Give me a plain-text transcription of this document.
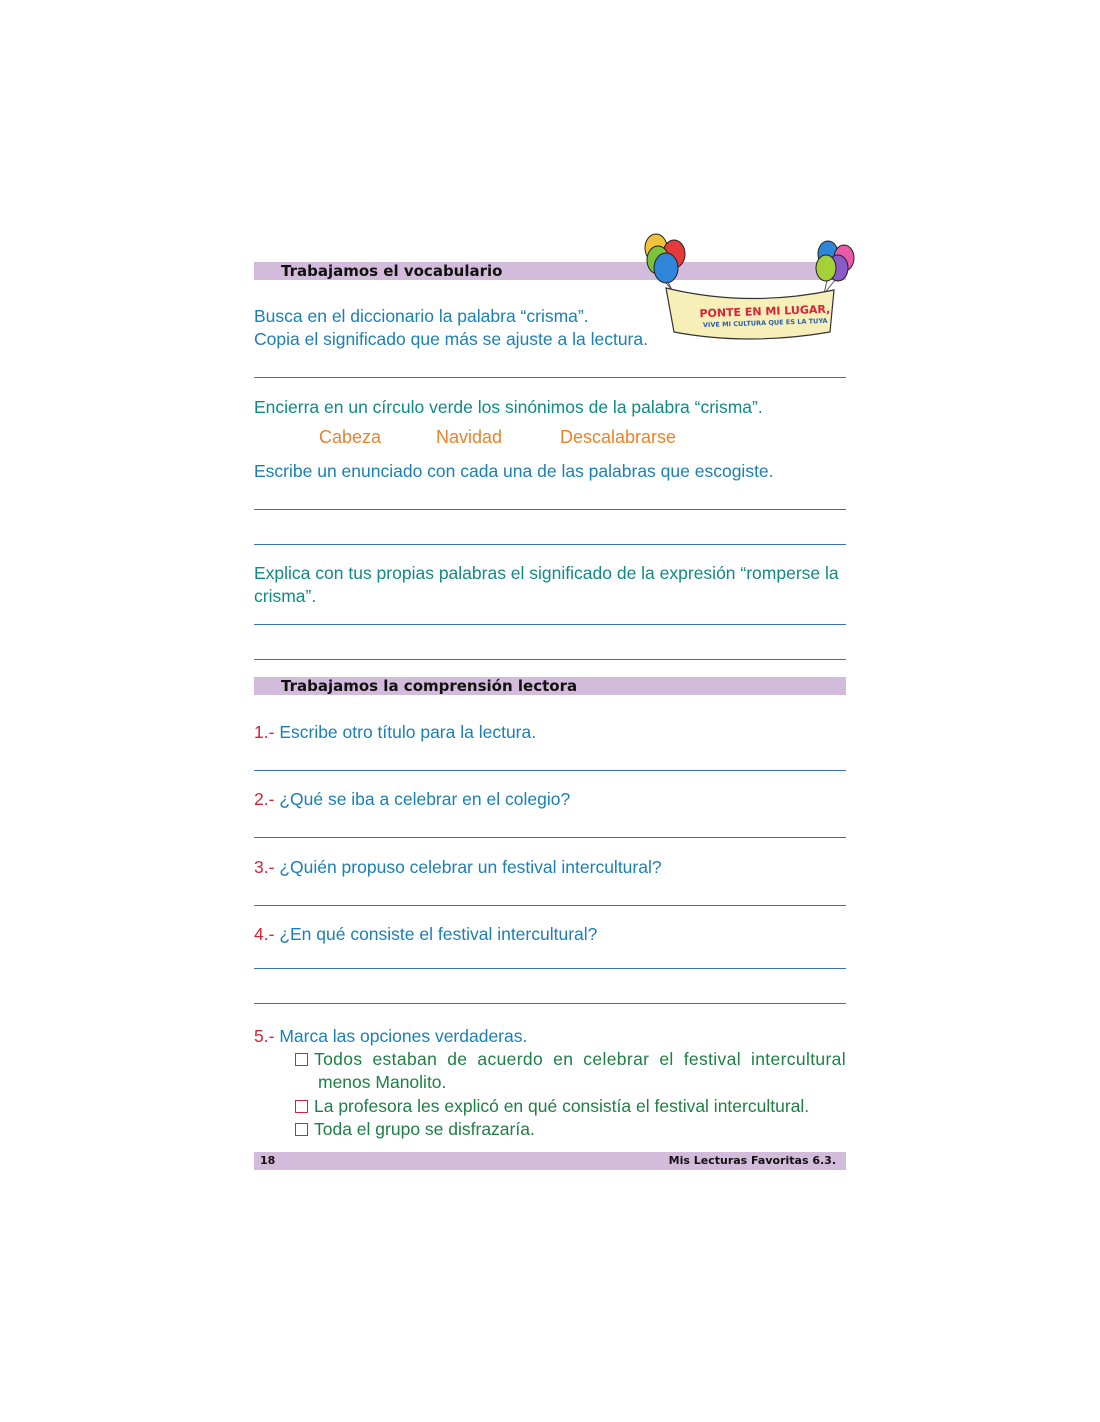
Trabajamos el vocabulario
PONTE EN MI LUGAR,
VIVE MI CULTURA QUE ES LA TUYA
Busca en el diccionario la palabra “crisma”.
Copia el significado que más se ajuste a la lectura.
Encierra en un círculo verde los sinónimos de la palabra “crisma”.
Cabeza	Navidad	Descalabrarse
Escribe un enunciado con cada una de las palabras que escogiste.
Explica con tus propias palabras el significado de la expresión “romperse la
crisma”.
Trabajamos la comprensión lectora
1.- Escribe otro título para la lectura.
2.- ¿Qué se iba a celebrar en el colegio?
3.- ¿Quién propuso celebrar un festival intercultural?
4.- ¿En qué consiste el festival intercultural?
5.- Marca las opciones verdaderas.
Todos estaban de acuerdo en celebrar el festival intercultural
menos Manolito.
La profesora les explicó en qué consistía el festival intercultural.
Toda el grupo se disfrazaría.
18	Mis Lecturas Favoritas 6.3.
